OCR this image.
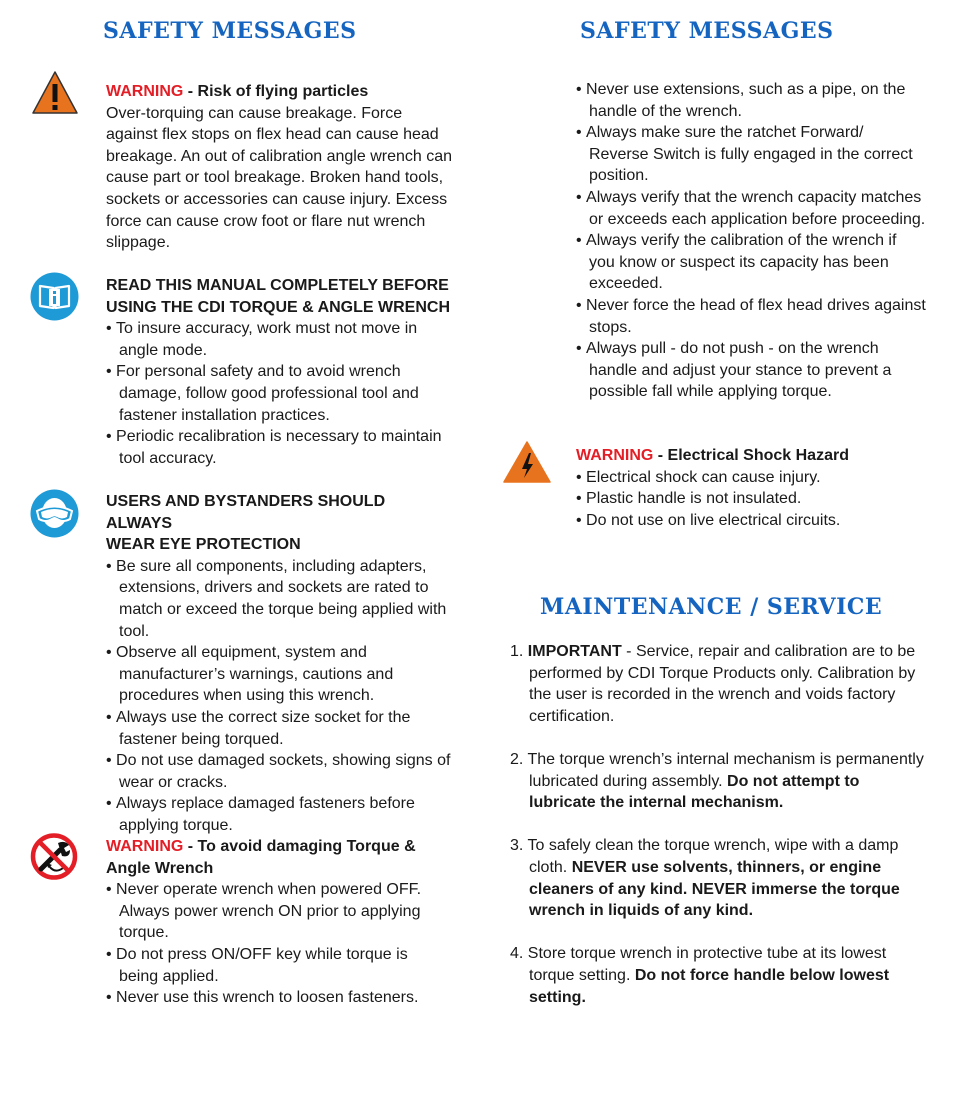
SAFETY MESSAGES
WARNING - Risk of flying particles
Over-torquing can cause breakage. Force against flex stops on flex head can cause head breakage. An out of calibration angle wrench can cause part or tool breakage. Broken hand tools, sockets or accessories can cause injury. Excess force can cause crow foot or flare nut wrench slippage.
READ THIS MANUAL COMPLETELY BEFORE
USING THE CDI TORQUE & ANGLE WRENCH
• To insure accuracy, work must not move in angle mode.
• For personal safety and to avoid wrench damage, follow good professional tool and fastener installation practices.
• Periodic recalibration is necessary to maintain tool accuracy.
USERS AND BYSTANDERS SHOULD ALWAYS
WEAR EYE PROTECTION
• Be sure all components, including adapters, extensions, drivers and sockets are rated to match or exceed the torque being applied with tool.
• Observe all equipment, system and manufacturer’s warnings, cautions and procedures when using this wrench.
• Always use the correct size socket for the fastener being torqued.
• Do not use damaged sockets, showing signs of wear or cracks.
• Always replace damaged fasteners before applying torque.
WARNING - To avoid damaging Torque &
Angle Wrench
• Never operate wrench when powered OFF. Always power wrench ON prior to applying torque.
• Do not press ON/OFF key while torque is being applied.
• Never use this wrench to loosen fasteners.
SAFETY MESSAGES
• Never use extensions, such as a pipe, on the handle of the wrench.
• Always make sure the ratchet Forward/ Reverse Switch is fully engaged in the correct position.
• Always verify that the wrench capacity matches or exceeds each application before proceeding.
• Always verify the calibration of the wrench if you know or suspect its capacity has been exceeded.
• Never force the head of flex head drives against stops.
• Always pull - do not push - on the wrench handle and adjust your stance to prevent a possible fall while applying torque.
WARNING - Electrical Shock Hazard
• Electrical shock can cause injury.
• Plastic handle is not insulated.
• Do not use on live electrical circuits.
MAINTENANCE / SERVICE
1. IMPORTANT - Service, repair and calibration are to be performed by CDI Torque Products only. Calibration by the user is recorded in the wrench and voids factory certification.
2. The torque wrench’s internal mechanism is permanently lubricated during assembly. Do not attempt to lubricate the internal mechanism.
3. To safely clean the torque wrench, wipe with a damp cloth. NEVER use solvents, thinners, or engine cleaners of any kind. NEVER immerse the torque wrench in liquids of any kind.
4. Store torque wrench in protective tube at its lowest torque setting. Do not force handle below lowest setting.
